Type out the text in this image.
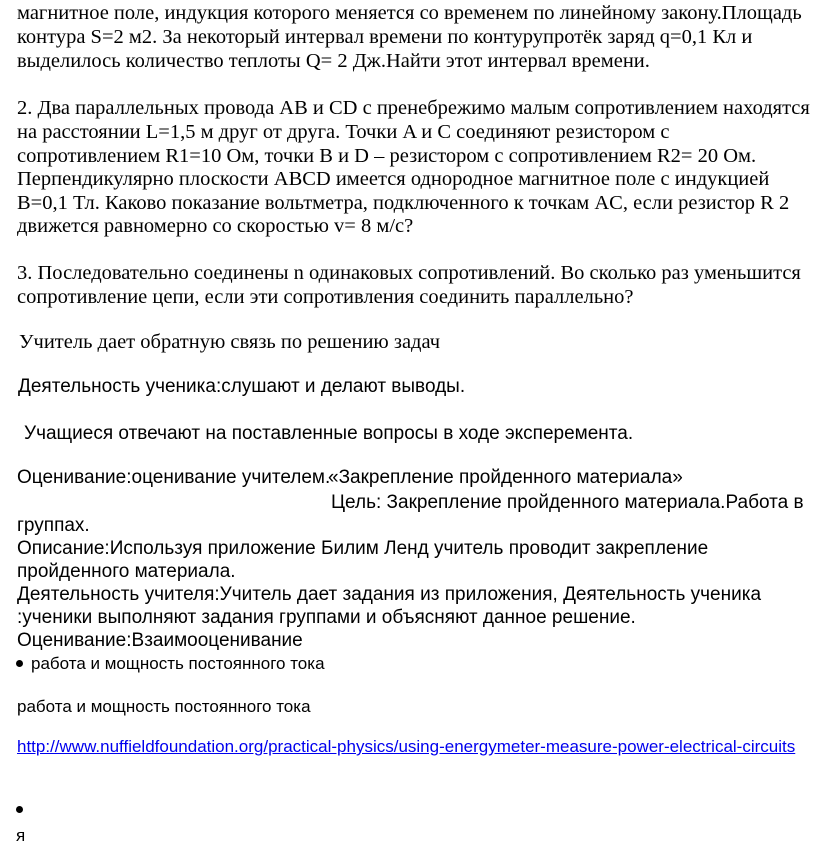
магнитное поле, индукция которого меняется со временем по линейному закону.Площадь
контура S=2 м2. За некоторый интервал времени по контурупротёк заряд q=0,1 Кл и
выделилось количество теплоты Q= 2 Дж.Найти этот интервал времени.
2. Два параллельных провода AB и CD с пренебрежимо малым сопротивлением находятся
на расстоянии L=1,5 м друг от друга. Точки A и C соединяют резистором с
сопротивлением R1=10 Ом, точки B и D – резистором с сопротивлением R2= 20 Ом.
Перпендикулярно плоскости ABCD имеется однородное магнитное поле с индукцией
B=0,1 Тл. Каково показание вольтметра, подключенного к точкам AC, если резистор R 2
движется равномерно со скоростью v= 8 м/с?
3. Последовательно соединены n одинаковых сопротивлений. Во сколько раз уменьшится
сопротивление цепи, если эти сопротивления соединить параллельно?
Учитель дает обратную связь по решению задач
Деятельность ученика:слушают и делают выводы.
Учащиеся отвечают на поставленные вопросы в ходе эксперемента.
Оценивание:оценивание учителем.
«Закрепление пройденного материала»
Цель: Закрепление пройденного материала.Работа в
группах.
Описание:Используя приложение Билим Ленд учитель проводит закрепление
пройденного материала.
Деятельность учителя:Учитель дает задания из приложения, Деятельность ученика
:ученики выполняют задания группами и объясняют данное решение.
Оценивание:Взаимооценивание
работа и мощность постоянного тока
работа и мощность постоянного тока
http://www.nuffieldfoundation.org/practical-physics/using-energymeter-measure-power-electrical-circuits
я
